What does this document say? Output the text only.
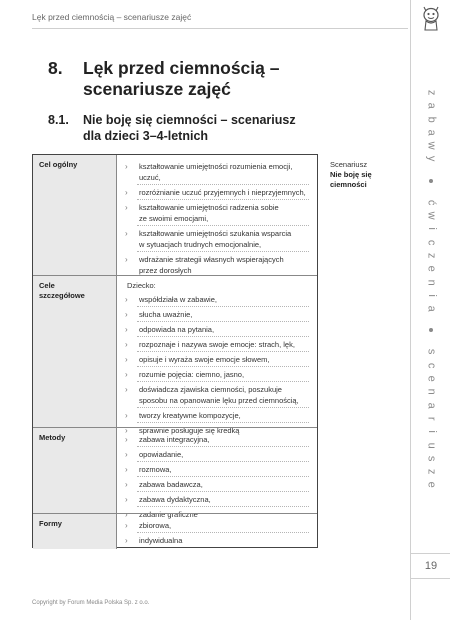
Lęk przed ciemnością – scenariusze zajęć
z
a
b
a
w
y
ć
w
i
c
z
e
n
i
a
s
c
e
n
a
r
i
u
s
z
e
19
8. Lęk przed ciemnością –
scenariusze zajęć
8.1. Nie boję się ciemności – scenariusz
dla dzieci 3–4-letnich
Cel ogólny	› kształtowanie umiejętności rozumienia emocji,
uczuć,
› rozróżnianie uczuć przyjemnych i nieprzyjemnych,
› kształtowanie umiejętności radzenia sobie
ze swoimi emocjami,
› kształtowanie umiejętności szukania wsparcia
w sytuacjach trudnych emocjonalnie,
› wdrażanie strategii własnych wspierających
przez dorosłych
Cele
szczegółowe
Dziecko:
› współdziała w zabawie,
› słucha uważnie,
› odpowiada na pytania,
› rozpoznaje i nazywa swoje emocje: strach, lęk,
› opisuje i wyraża swoje emocje słowem,
› rozumie pojęcia: ciemno, jasno,
› doświadcza zjawiska ciemności, poszukuje
sposobu na opanowanie lęku przed ciemnością,
› tworzy kreatywne kompozycje,
› sprawnie posługuje się kredką
Metody	› zabawa integracyjna,
› opowiadanie,
› rozmowa,
› zabawa badawcza,
› zabawa dydaktyczna,
› zadanie graficzne
Formy	› zbiorowa,
› indywidualna
Scenariusz
Nie boję się
ciemności
Copyright by Forum Media Polska Sp. z o.o.
